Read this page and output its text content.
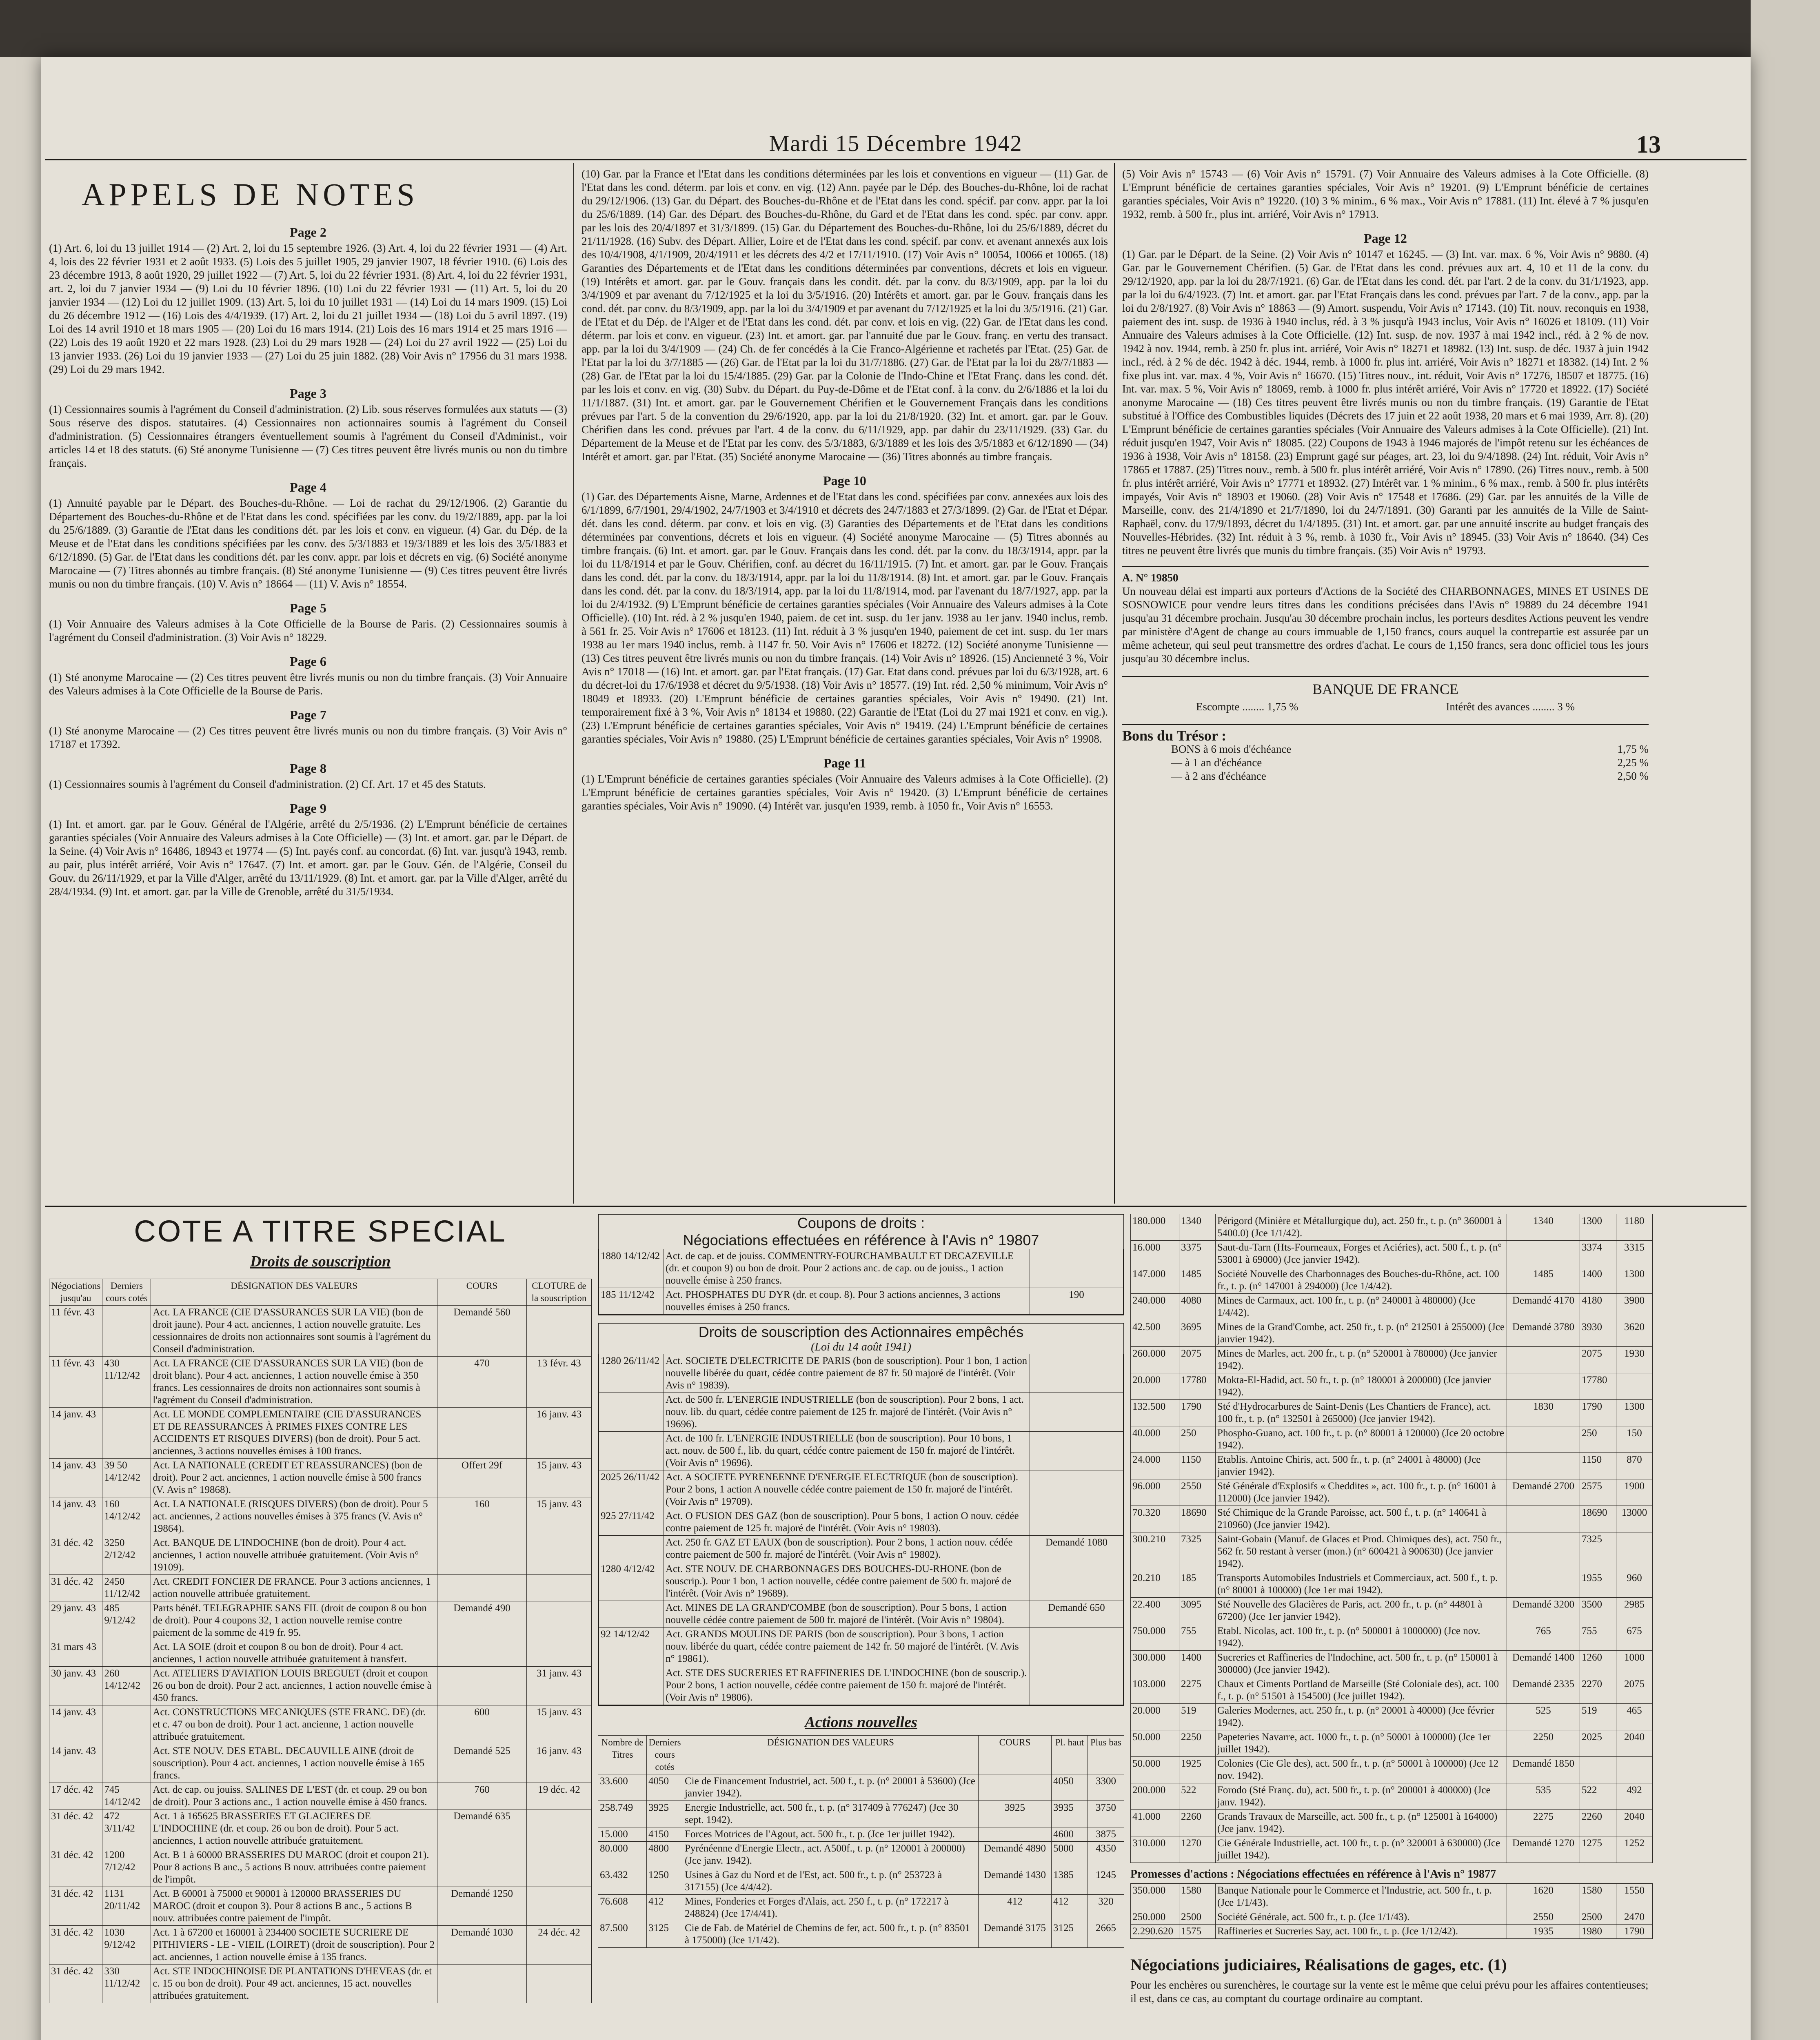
Mardi 15 Décembre 1942	13
APPELS DE NOTES
Page 2

(1) Art. 6, loi du 13 juillet 1914 — (2) Art. 2, loi du 15 septembre 1926. (3) Art. 4, loi du 22 février 1931 — (4) Art. 4, lois des 22 février 1931 et 2 août 1933. (5) Lois des 5 juillet 1905, 29 janvier 1907, 18 février 1910. (6) Lois des 23 décembre 1913, 8 août 1920, 29 juillet 1922 — (7) Art. 5, loi du 22 février 1931. (8) Art. 4, loi du 22 février 1931, art. 2, loi du 7 janvier 1934 — (9) Loi du 10 février 1896. (10) Loi du 22 février 1931 — (11) Art. 5, loi du 20 janvier 1934 — (12) Loi du 12 juillet 1909. (13) Art. 5, loi du 10 juillet 1931 — (14) Loi du 14 mars 1909. (15) Loi du 26 décembre 1912 — (16) Lois des 4/4/1939. (17) Art. 2, loi du 21 juillet 1934 — (18) Loi du 5 avril 1897. (19) Loi des 14 avril 1910 et 18 mars 1905 — (20) Loi du 16 mars 1914. (21) Lois des 16 mars 1914 et 25 mars 1916 — (22) Lois des 19 août 1920 et 22 mars 1928. (23) Loi du 29 mars 1928 — (24) Loi du 27 avril 1922 — (25) Loi du 13 janvier 1933. (26) Loi du 19 janvier 1933 — (27) Loi du 25 juin 1882. (28) Voir Avis n° 17956 du 31 mars 1938. (29) Loi du 29 mars 1942.

Page 3

(1) Cessionnaires soumis à l'agrément du Conseil d'administration. (2) Lib. sous réserves formulées aux statuts — (3) Sous réserve des dispos. statutaires. (4) Cessionnaires non actionnaires soumis à l'agrément du Conseil d'administration. (5) Cessionnaires étrangers éventuellement soumis à l'agrément du Conseil d'Administ., voir articles 14 et 18 des statuts. (6) Sté anonyme Tunisienne — (7) Ces titres peuvent être livrés munis ou non du timbre français.

Page 4

(1) Annuité payable par le Départ. des Bouches-du-Rhône. — Loi de rachat du 29/12/1906. (2) Garantie du Département des Bouches-du-Rhône et de l'Etat dans les cond. spécifiées par les conv. du 19/2/1889, app. par la loi du 25/6/1889. (3) Garantie de l'Etat dans les conditions dét. par les lois et conv. en vigueur. (4) Gar. du Dép. de la Meuse et de l'Etat dans les conditions spécifiées par les conv. des 5/3/1883 et 19/3/1889 et les lois des 3/5/1883 et 6/12/1890. (5) Gar. de l'Etat dans les conditions dét. par les conv. appr. par lois et décrets en vig. (6) Société anonyme Marocaine — (7) Titres abonnés au timbre français. (8) Sté anonyme Tunisienne — (9) Ces titres peuvent être livrés munis ou non du timbre français. (10) V. Avis n° 18664 — (11) V. Avis n° 18554.

Page 5

(1) Voir Annuaire des Valeurs admises à la Cote Officielle de la Bourse de Paris. (2) Cessionnaires soumis à l'agrément du Conseil d'administration. (3) Voir Avis n° 18229.

Page 6

(1) Sté anonyme Marocaine — (2) Ces titres peuvent être livrés munis ou non du timbre français. (3) Voir Annuaire des Valeurs admises à la Cote Officielle de la Bourse de Paris.

Page 7

(1) Sté anonyme Marocaine — (2) Ces titres peuvent être livrés munis ou non du timbre français. (3) Voir Avis n° 17187 et 17392.

Page 8

(1) Cessionnaires soumis à l'agrément du Conseil d'administration. (2) Cf. Art. 17 et 45 des Statuts.

Page 9

(1) Int. et amort. gar. par le Gouv. Général de l'Algérie, arrêté du 2/5/1936. (2) L'Emprunt bénéficie de certaines garanties spéciales (Voir Annuaire des Valeurs admises à la Cote Officielle) — (3) Int. et amort. gar. par le Départ. de la Seine. (4) Voir Avis n° 16486, 18943 et 19774 — (5) Int. payés conf. au concordat. (6) Int. var. jusqu'à 1943, remb. au pair, plus intérêt arriéré, Voir Avis n° 17647. (7) Int. et amort. gar. par le Gouv. Gén. de l'Algérie, Conseil du Gouv. du 26/11/1929, et par la Ville d'Alger, arrêté du 13/11/1929. (8) Int. et amort. gar. par la Ville d'Alger, arrêté du 28/4/1934. (9) Int. et amort. gar. par la Ville de Grenoble, arrêté du 31/5/1934.

(10) Gar. par la France et l'Etat dans les conditions déterminées par les lois et conventions en vigueur — (11) Gar. de l'Etat dans les cond. déterm. par lois et conv. en vig. (12) Ann. payée par le Dép. des Bouches-du-Rhône, loi de rachat du 29/12/1906. (13) Gar. du Départ. des Bouches-du-Rhône et de l'Etat dans les cond. spécif. par conv. appr. par la loi du 25/6/1889. (14) Gar. des Départ. des Bouches-du-Rhône, du Gard et de l'Etat dans les cond. spéc. par conv. appr. par les lois des 20/4/1897 et 31/3/1899. (15) Gar. du Département des Bouches-du-Rhône, loi du 25/6/1889, décret du 21/11/1928. (16) Subv. des Départ. Allier, Loire et de l'Etat dans les cond. spécif. par conv. et avenant annexés aux lois des 10/4/1908, 4/1/1909, 20/4/1911 et les décrets des 4/2 et 17/11/1910. (17) Voir Avis n° 10054, 10066 et 10065. (18) Garanties des Départements et de l'Etat dans les conditions déterminées par conventions, décrets et lois en vigueur. (19) Intérêts et amort. gar. par le Gouv. français dans les condit. dét. par la conv. du 8/3/1909, app. par la loi du 3/4/1909 et par avenant du 7/12/1925 et la loi du 3/5/1916. (20) Intérêts et amort. gar. par le Gouv. français dans les cond. dét. par conv. du 8/3/1909, app. par la loi du 3/4/1909 et par avenant du 7/12/1925 et la loi du 3/5/1916. (21) Gar. de l'Etat et du Dép. de l'Alger et de l'Etat dans les cond. dét. par conv. et lois en vig. (22) Gar. de l'Etat dans les cond. déterm. par lois et conv. en vigueur. (23) Int. et amort. gar. par l'annuité due par le Gouv. franç. en vertu des transact. app. par la loi du 3/4/1909 — (24) Ch. de fer concédés à la Cie Franco-Algérienne et rachetés par l'Etat. (25) Gar. de l'Etat par la loi du 3/7/1885 — (26) Gar. de l'Etat par la loi du 31/7/1886. (27) Gar. de l'Etat par la loi du 28/7/1883 — (28) Gar. de l'Etat par la loi du 15/4/1885. (29) Gar. par la Colonie de l'Indo-Chine et l'Etat Franç. dans les cond. dét. par les lois et conv. en vig. (30) Subv. du Départ. du Puy-de-Dôme et de l'Etat conf. à la conv. du 2/6/1886 et la loi du 11/1/1887. (31) Int. et amort. gar. par le Gouvernement Chérifien et le Gouvernement Français dans les conditions prévues par l'art. 5 de la convention du 29/6/1920, app. par la loi du 21/8/1920. (32) Int. et amort. gar. par le Gouv. Chérifien dans les cond. prévues par l'art. 4 de la conv. du 6/11/1929, app. par dahir du 23/11/1929. (33) Gar. du Département de la Meuse et de l'Etat par les conv. des 5/3/1883, 6/3/1889 et les lois des 3/5/1883 et 6/12/1890 — (34) Intérêt et amort. gar. par l'Etat. (35) Société anonyme Marocaine — (36) Titres abonnés au timbre français.

Page 10

(1) Gar. des Départements Aisne, Marne, Ardennes et de l'Etat dans les cond. spécifiées par conv. annexées aux lois des 6/1/1899, 6/7/1901, 29/4/1902, 24/7/1903 et 3/4/1910 et décrets des 24/7/1883 et 27/3/1899. (2) Gar. de l'Etat et Dépar. dét. dans les cond. déterm. par conv. et lois en vig. (3) Garanties des Départements et de l'Etat dans les conditions déterminées par conventions, décrets et lois en vigueur. (4) Société anonyme Marocaine — (5) Titres abonnés au timbre français. (6) Int. et amort. gar. par le Gouv. Français dans les cond. dét. par la conv. du 18/3/1914, appr. par la loi du 11/8/1914 et par le Gouv. Chérifien, conf. au décret du 16/11/1915. (7) Int. et amort. gar. par le Gouv. Français dans les cond. dét. par la conv. du 18/3/1914, appr. par la loi du 11/8/1914. (8) Int. et amort. gar. par le Gouv. Français dans les cond. dét. par la conv. du 18/3/1914, app. par la loi du 11/8/1914, mod. par l'avenant du 18/7/1927, app. par la loi du 2/4/1932. (9) L'Emprunt bénéficie de certaines garanties spéciales (Voir Annuaire des Valeurs admises à la Cote Officielle). (10) Int. réd. à 2 % jusqu'en 1940, paiem. de cet int. susp. du 1er janv. 1938 au 1er janv. 1940 inclus, remb. à 561 fr. 25. Voir Avis n° 17606 et 18123. (11) Int. réduit à 3 % jusqu'en 1940, paiement de cet int. susp. du 1er mars 1938 au 1er mars 1940 inclus, remb. à 1147 fr. 50. Voir Avis n° 17606 et 18272. (12) Société anonyme Tunisienne — (13) Ces titres peuvent être livrés munis ou non du timbre français. (14) Voir Avis n° 18926. (15) Ancienneté 3 %, Voir Avis n° 17018 — (16) Int. et amort. gar. par l'Etat français. (17) Gar. Etat dans cond. prévues par loi du 6/3/1928, art. 6 du décret-loi du 17/6/1938 et décret du 9/5/1938. (18) Voir Avis n° 18577. (19) Int. réd. 2,50 % minimum, Voir Avis n° 18049 et 18933. (20) L'Emprunt bénéficie de certaines garanties spéciales, Voir Avis n° 19490. (21) Int. temporairement fixé à 3 %, Voir Avis n° 18134 et 19880. (22) Garantie de l'Etat (Loi du 27 mai 1921 et conv. en vig.). (23) L'Emprunt bénéficie de certaines garanties spéciales, Voir Avis n° 19419. (24) L'Emprunt bénéficie de certaines garanties spéciales, Voir Avis n° 19880. (25) L'Emprunt bénéficie de certaines garanties spéciales, Voir Avis n° 19908.

Page 11

(1) L'Emprunt bénéficie de certaines garanties spéciales (Voir Annuaire des Valeurs admises à la Cote Officielle). (2) L'Emprunt bénéficie de certaines garanties spéciales, Voir Avis n° 19420. (3) L'Emprunt bénéficie de certaines garanties spéciales, Voir Avis n° 19090. (4) Intérêt var. jusqu'en 1939, remb. à 1050 fr., Voir Avis n° 16553.

(5) Voir Avis n° 15743 — (6) Voir Avis n° 15791. (7) Voir Annuaire des Valeurs admises à la Cote Officielle. (8) L'Emprunt bénéficie de certaines garanties spéciales, Voir Avis n° 19201. (9) L'Emprunt bénéficie de certaines garanties spéciales, Voir Avis n° 19220. (10) 3 % minim., 6 % max., Voir Avis n° 17881. (11) Int. élevé à 7 % jusqu'en 1932, remb. à 500 fr., plus int. arriéré, Voir Avis n° 17913.

Page 12

(1) Gar. par le Départ. de la Seine. (2) Voir Avis n° 10147 et 16245. — (3) Int. var. max. 6 %, Voir Avis n° 9880. (4) Gar. par le Gouvernement Chérifien. (5) Gar. de l'Etat dans les cond. prévues aux art. 4, 10 et 11 de la conv. du 29/12/1920, app. par la loi du 28/7/1921. (6) Gar. de l'Etat dans les cond. dét. par l'art. 2 de la conv. du 31/1/1923, app. par la loi du 6/4/1923. (7) Int. et amort. gar. par l'Etat Français dans les cond. prévues par l'art. 7 de la conv., app. par la loi du 2/8/1927. (8) Voir Avis n° 18863 — (9) Amort. suspendu, Voir Avis n° 17143. (10) Tit. nouv. reconquis en 1938, paiement des int. susp. de 1936 à 1940 inclus, réd. à 3 % jusqu'à 1943 inclus, Voir Avis n° 16026 et 18109. (11) Voir Annuaire des Valeurs admises à la Cote Officielle. (12) Int. susp. de nov. 1937 à mai 1942 incl., réd. à 2 % de nov. 1942 à nov. 1944, remb. à 250 fr. plus int. arriéré, Voir Avis n° 18271 et 18982. (13) Int. susp. de déc. 1937 à juin 1942 incl., réd. à 2 % de déc. 1942 à déc. 1944, remb. à 1000 fr. plus int. arriéré, Voir Avis n° 18271 et 18382. (14) Int. 2 % fixe plus int. var. max. 4 %, Voir Avis n° 16670. (15) Titres nouv., int. réduit, Voir Avis n° 17276, 18507 et 18775. (16) Int. var. max. 5 %, Voir Avis n° 18069, remb. à 1000 fr. plus intérêt arriéré, Voir Avis n° 17720 et 18922. (17) Société anonyme Marocaine — (18) Ces titres peuvent être livrés munis ou non du timbre français. (19) Garantie de l'Etat substitué à l'Office des Combustibles liquides (Décrets des 17 juin et 22 août 1938, 20 mars et 6 mai 1939, Arr. 8). (20) L'Emprunt bénéficie de certaines garanties spéciales (Voir Annuaire des Valeurs admises à la Cote Officielle). (21) Int. réduit jusqu'en 1947, Voir Avis n° 18085. (22) Coupons de 1943 à 1946 majorés de l'impôt retenu sur les échéances de 1936 à 1938, Voir Avis n° 18158. (23) Emprunt gagé sur péages, art. 23, loi du 9/4/1898. (24) Int. réduit, Voir Avis n° 17865 et 17887. (25) Titres nouv., remb. à 500 fr. plus intérêt arriéré, Voir Avis n° 17890. (26) Titres nouv., remb. à 500 fr. plus intérêt arriéré, Voir Avis n° 17771 et 18932. (27) Intérêt var. 1 % minim., 6 % max., remb. à 500 fr. plus intérêts impayés, Voir Avis n° 18903 et 19060. (28) Voir Avis n° 17548 et 17686. (29) Gar. par les annuités de la Ville de Marseille, conv. des 21/4/1890 et 21/7/1890, loi du 24/7/1891. (30) Garanti par les annuités de la Ville de Saint-Raphaël, conv. du 17/9/1893, décret du 1/4/1895. (31) Int. et amort. gar. par une annuité inscrite au budget français des Nouvelles-Hébrides. (32) Int. réduit à 3 %, remb. à 1030 fr., Voir Avis n° 18945. (33) Voir Avis n° 18640. (34) Ces titres ne peuvent être livrés que munis du timbre français. (35) Voir Avis n° 19793.

A. N° 19850

Un nouveau délai est imparti aux porteurs d'Actions de la Société des CHARBONNAGES, MINES ET USINES DE SOSNOWICE pour vendre leurs titres dans les conditions précisées dans l'Avis n° 19889 du 24 décembre 1941 jusqu'au 31 décembre prochain. Jusqu'au 30 décembre prochain inclus, les porteurs desdites Actions peuvent les vendre par ministère d'Agent de change au cours immuable de 1,150 francs, cours auquel la contrepartie est assurée par un même acheteur, qui seul peut transmettre des ordres d'achat. Le cours de 1,150 francs, sera donc officiel tous les jours jusqu'au 30 décembre inclus.

BANQUE DE FRANCE
Escompte ........ 1,75 %	Intérêt des avances ........ 3 %
Bons du Trésor :
BONS à 6 mois d'échéance	1,75 %
— à 1 an d'échéance	2,25 %
— à 2 ans d'échéance	2,50 %
COTE A TITRE SPECIAL
Droits de souscription
Négociations jusqu'au	Derniers cours cotés	DÉSIGNATION DES VALEURS	COURS	CLOTURE de la souscription
11 févr. 43		Act. LA FRANCE (CIE D'ASSURANCES SUR LA VIE) (bon de droit jaune). Pour 4 act. anciennes, 1 action nouvelle gratuite. Les cessionnaires de droits non actionnaires sont soumis à l'agrément du Conseil d'administration.	Demandé 560	
11 févr. 43	430 11/12/42	Act. LA FRANCE (CIE D'ASSURANCES SUR LA VIE) (bon de droit blanc). Pour 4 act. anciennes, 1 action nouvelle émise à 350 francs. Les cessionnaires de droits non actionnaires sont soumis à l'agrément du Conseil d'administration.	470	13 févr. 43
14 janv. 43		Act. LE MONDE COMPLEMENTAIRE (CIE D'ASSURANCES ET DE REASSURANCES À PRIMES FIXES CONTRE LES ACCIDENTS ET RISQUES DIVERS) (bon de droit). Pour 5 act. anciennes, 3 actions nouvelles émises à 100 francs.		16 janv. 43
14 janv. 43	39 50 14/12/42	Act. LA NATIONALE (CREDIT ET REASSURANCES) (bon de droit). Pour 2 act. anciennes, 1 action nouvelle émise à 500 francs (V. Avis n° 19868).	Offert 29f	15 janv. 43
14 janv. 43	160 14/12/42	Act. LA NATIONALE (RISQUES DIVERS) (bon de droit). Pour 5 act. anciennes, 2 actions nouvelles émises à 375 francs (V. Avis n° 19864).	160	15 janv. 43
31 déc. 42	3250 2/12/42	Act. BANQUE DE L'INDOCHINE (bon de droit). Pour 4 act. anciennes, 1 action nouvelle attribuée gratuitement. (Voir Avis n° 19109).		
31 déc. 42	2450 11/12/42	Act. CREDIT FONCIER DE FRANCE. Pour 3 actions anciennes, 1 action nouvelle attribuée gratuitement.		
29 janv. 43	485 9/12/42	Parts bénéf. TELEGRAPHIE SANS FIL (droit de coupon 8 ou bon de droit). Pour 4 coupons 32, 1 action nouvelle remise contre paiement de la somme de 419 fr. 95.	Demandé 490	
31 mars 43		Act. LA SOIE (droit et coupon 8 ou bon de droit). Pour 4 act. anciennes, 1 action nouvelle attribuée gratuitement à transfert.		
30 janv. 43	260 14/12/42	Act. ATELIERS D'AVIATION LOUIS BREGUET (droit et coupon 26 ou bon de droit). Pour 2 act. anciennes, 1 action nouvelle émise à 450 francs.		31 janv. 43
14 janv. 43		Act. CONSTRUCTIONS MECANIQUES (STE FRANC. DE) (dr. et c. 47 ou bon de droit). Pour 1 act. ancienne, 1 action nouvelle attribuée gratuitement.	600	15 janv. 43
14 janv. 43		Act. STE NOUV. DES ETABL. DECAUVILLE AINE (droit de souscription). Pour 4 act. anciennes, 1 action nouvelle émise à 165 francs.	Demandé 525	16 janv. 43
17 déc. 42	745 14/12/42	Act. de cap. ou jouiss. SALINES DE L'EST (dr. et coup. 29 ou bon de droit). Pour 3 actions anc., 1 action nouvelle émise à 450 francs.	760	19 déc. 42
31 déc. 42	472 3/11/42	Act. 1 à 165625 BRASSERIES ET GLACIERES DE L'INDOCHINE (dr. et coup. 26 ou bon de droit). Pour 5 act. anciennes, 1 action nouvelle attribuée gratuitement.	Demandé 635	
31 déc. 42	1200 7/12/42	Act. B 1 à 60000 BRASSERIES DU MAROC (droit et coupon 21). Pour 8 actions B anc., 5 actions B nouv. attribuées contre paiement de l'impôt.		
31 déc. 42	1131 20/11/42	Act. B 60001 à 75000 et 90001 à 120000 BRASSERIES DU MAROC (droit et coupon 3). Pour 8 actions B anc., 5 actions B nouv. attribuées contre paiement de l'impôt.	Demandé 1250	
31 déc. 42	1030 9/12/42	Act. 1 à 67200 et 160001 à 234400 SOCIETE SUCRIERE DE PITHIVIERS - LE - VIEIL (LOIRET) (droit de souscription). Pour 2 act. anciennes, 1 action nouvelle émise à 135 francs.	Demandé 1030	24 déc. 42
31 déc. 42	330 11/12/42	Act. STE INDOCHINOISE DE PLANTATIONS D'HEVEAS (dr. et c. 15 ou bon de droit). Pour 49 act. anciennes, 15 act. nouvelles attribuées gratuitement.		
Coupons de droits :
Négociations effectuées en référence à l'Avis n° 19807
1880 14/12/42	Act. de cap. et de jouiss. COMMENTRY-FOURCHAMBAULT ET DECAZEVILLE (dr. et coupon 9) ou bon de droit. Pour 2 actions anc. de cap. ou de jouiss., 1 action nouvelle émise à 250 francs.	
185 11/12/42	Act. PHOSPHATES DU DYR (dr. et coup. 8). Pour 3 actions anciennes, 3 actions nouvelles émises à 250 francs.	190
Droits de souscription des Actionnaires empêchés
(Loi du 14 août 1941)
1280 26/11/42	Act. SOCIETE D'ELECTRICITE DE PARIS (bon de souscription). Pour 1 bon, 1 action nouvelle libérée du quart, cédée contre paiement de 87 fr. 50 majoré de l'intérêt. (Voir Avis n° 19839).	
	Act. de 500 fr. L'ENERGIE INDUSTRIELLE (bon de souscription). Pour 2 bons, 1 act. nouv. lib. du quart, cédée contre paiement de 125 fr. majoré de l'intérêt. (Voir Avis n° 19696).	
	Act. de 100 fr. L'ENERGIE INDUSTRIELLE (bon de souscription). Pour 10 bons, 1 act. nouv. de 500 f., lib. du quart, cédée contre paiement de 150 fr. majoré de l'intérêt. (Voir Avis n° 19696).	
2025 26/11/42	Act. A SOCIETE PYRENEENNE D'ENERGIE ELECTRIQUE (bon de souscription). Pour 2 bons, 1 action A nouvelle cédée contre paiement de 150 fr. majoré de l'intérêt. (Voir Avis n° 19709).	
925 27/11/42	Act. O FUSION DES GAZ (bon de souscription). Pour 5 bons, 1 action O nouv. cédée contre paiement de 125 fr. majoré de l'intérêt. (Voir Avis n° 19803).	
	Act. 250 fr. GAZ ET EAUX (bon de souscription). Pour 2 bons, 1 action nouv. cédée contre paiement de 500 fr. majoré de l'intérêt. (Voir Avis n° 19802).	Demandé 1080
1280 4/12/42	Act. STE NOUV. DE CHARBONNAGES DES BOUCHES-DU-RHONE (bon de souscrip.). Pour 1 bon, 1 action nouvelle, cédée contre paiement de 500 fr. majoré de l'intérêt. (Voir Avis n° 19689).	
	Act. MINES DE LA GRAND'COMBE (bon de souscription). Pour 5 bons, 1 action nouvelle cédée contre paiement de 500 fr. majoré de l'intérêt. (Voir Avis n° 19804).	Demandé 650
92 14/12/42	Act. GRANDS MOULINS DE PARIS (bon de souscription). Pour 3 bons, 1 action nouv. libérée du quart, cédée contre paiement de 142 fr. 50 majoré de l'intérêt. (V. Avis n° 19861).	
	Act. STE DES SUCRERIES ET RAFFINERIES DE L'INDOCHINE (bon de souscrip.). Pour 2 bons, 1 action nouvelle, cédée contre paiement de 150 fr. majoré de l'intérêt. (Voir Avis n° 19806).	
Actions nouvelles
Nombre de Titres	Derniers cours cotés	DÉSIGNATION DES VALEURS	COURS	Pl. haut	Plus bas
33.600	4050	Cie de Financement Industriel, act. 500 f., t. p. (n° 20001 à 53600) (Jce janvier 1942).		4050	3300
258.749	3925	Energie Industrielle, act. 500 fr., t. p. (n° 317409 à 776247) (Jce 30 sept. 1942).	3925	3935	3750
15.000	4150	Forces Motrices de l'Agout, act. 500 fr., t. p. (Jce 1er juillet 1942).		4600	3875
80.000	4800	Pyrénéenne d'Energie Electr., act. A500f., t. p. (n° 120001 à 200000) (Jce janv. 1942).	Demandé 4890	5000	4350
63.432	1250	Usines à Gaz du Nord et de l'Est, act. 500 fr., t. p. (n° 253723 à 317155) (Jce 4/4/42).	Demandé 1430	1385	1245
76.608	412	Mines, Fonderies et Forges d'Alais, act. 250 f., t. p. (n° 172217 à 248824) (Jce 17/4/41).	412	412	320
87.500	3125	Cie de Fab. de Matériel de Chemins de fer, act. 500 fr., t. p. (n° 83501 à 175000) (Jce 1/1/42).	Demandé 3175	3125	2665
180.000	1340	Périgord (Minière et Métallurgique du), act. 250 fr., t. p. (n° 360001 à 5400.0) (Jce 1/1/42).	1340	1300	1180
16.000	3375	Saut-du-Tarn (Hts-Fourneaux, Forges et Aciéries), act. 500 f., t. p. (n° 53001 à 69000) (Jce janvier 1942).		3374	3315
147.000	1485	Société Nouvelle des Charbonnages des Bouches-du-Rhône, act. 100 fr., t. p. (n° 147001 à 294000) (Jce 1/4/42).	1485	1400	1300
240.000	4080	Mines de Carmaux, act. 100 fr., t. p. (n° 240001 à 480000) (Jce 1/4/42).	Demandé 4170	4180	3900
42.500	3695	Mines de la Grand'Combe, act. 250 fr., t. p. (n° 212501 à 255000) (Jce janvier 1942).	Demandé 3780	3930	3620
260.000	2075	Mines de Marles, act. 200 fr., t. p. (n° 520001 à 780000) (Jce janvier 1942).		2075	1930
20.000	17780	Mokta-El-Hadid, act. 50 fr., t. p. (n° 180001 à 200000) (Jce janvier 1942).		17780	
132.500	1790	Sté d'Hydrocarbures de Saint-Denis (Les Chantiers de France), act. 100 fr., t. p. (n° 132501 à 265000) (Jce janvier 1942).	1830	1790	1300
40.000	250	Phospho-Guano, act. 100 fr., t. p. (n° 80001 à 120000) (Jce 20 octobre 1942).		250	150
24.000	1150	Etablis. Antoine Chiris, act. 500 fr., t. p. (n° 24001 à 48000) (Jce janvier 1942).		1150	870
96.000	2550	Sté Générale d'Explosifs « Cheddites », act. 100 fr., t. p. (n° 16001 à 112000) (Jce janvier 1942).	Demandé 2700	2575	1900
70.320	18690	Sté Chimique de la Grande Paroisse, act. 500 f., t. p. (n° 140641 à 210960) (Jce janvier 1942).		18690	13000
300.210	7325	Saint-Gobain (Manuf. de Glaces et Prod. Chimiques des), act. 750 fr., 562 fr. 50 restant à verser (mon.) (n° 600421 à 900630) (Jce janvier 1942).		7325	
20.210	185	Transports Automobiles Industriels et Commerciaux, act. 500 f., t. p. (n° 80001 à 100000) (Jce 1er mai 1942).		1955	960
22.400	3095	Sté Nouvelle des Glacières de Paris, act. 200 fr., t. p. (n° 44801 à 67200) (Jce 1er janvier 1942).	Demandé 3200	3500	2985
750.000	755	Etabl. Nicolas, act. 100 fr., t. p. (n° 500001 à 1000000) (Jce nov. 1942).	765	755	675
300.000	1400	Sucreries et Raffineries de l'Indochine, act. 500 fr., t. p. (n° 150001 à 300000) (Jce janvier 1942).	Demandé 1400	1260	1000
103.000	2275	Chaux et Ciments Portland de Marseille (Sté Coloniale des), act. 100 f., t. p. (n° 51501 à 154500) (Jce juillet 1942).	Demandé 2335	2270	2075
20.000	519	Galeries Modernes, act. 250 fr., t. p. (n° 20001 à 40000) (Jce février 1942).	525	519	465
50.000	2250	Papeteries Navarre, act. 1000 fr., t. p. (n° 50001 à 100000) (Jce 1er juillet 1942).	2250	2025	2040
50.000	1925	Colonies (Cie Gle des), act. 500 fr., t. p. (n° 50001 à 100000) (Jce 12 nov. 1942).	Demandé 1850		
200.000	522	Forodo (Sté Franç. du), act. 500 fr., t. p. (n° 200001 à 400000) (Jce janv. 1942).	535	522	492
41.000	2260	Grands Travaux de Marseille, act. 500 fr., t. p. (n° 125001 à 164000) (Jce janv. 1942).	2275	2260	2040
310.000	1270	Cie Générale Industrielle, act. 100 fr., t. p. (n° 320001 à 630000) (Jce juillet 1942).	Demandé 1270	1275	1252
Promesses d'actions : Négociations effectuées en référence à l'Avis n° 19877
350.000	1580	Banque Nationale pour le Commerce et l'Industrie, act. 500 fr., t. p. (Jce 1/1/43).	1620	1580	1550
250.000	2500	Société Générale, act. 500 fr., t. p. (Jce 1/1/43).	2550	2500	2470
2.290.620	1575	Raffineries et Sucreries Say, act. 100 fr., t. p. (Jce 1/12/42).	1935	1980	1790
Négociations judiciaires, Réalisations de gages, etc. (1)

Pour les enchères ou surenchères, le courtage sur la vente est le même que celui prévu pour les affaires contentieuses; il est, dans ce cas, au comptant du courtage ordinaire au comptant.
